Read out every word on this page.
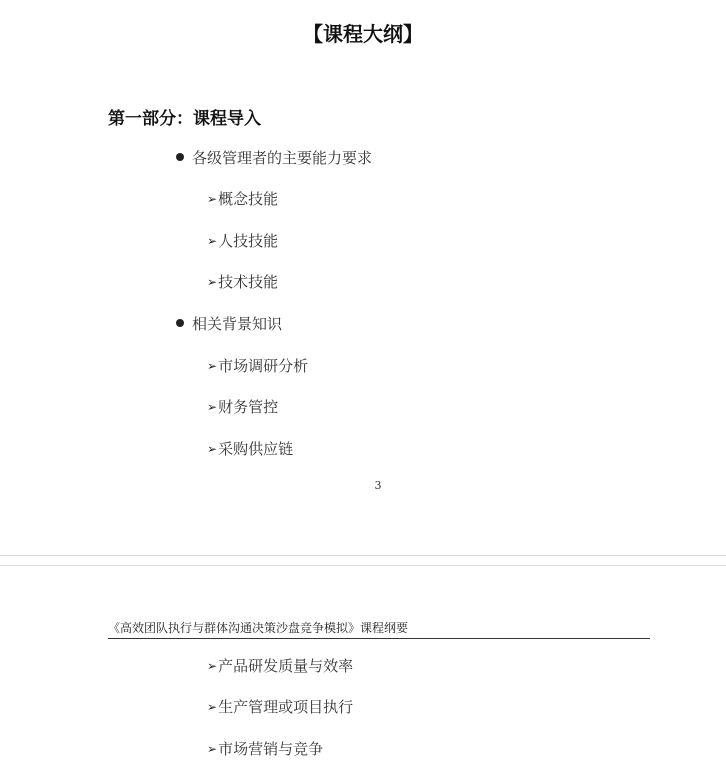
【课程大纲】
第一部分：课程导入
各级管理者的主要能力要求
➢概念技能
➢人技技能
➢技术技能
相关背景知识
➢市场调研分析
➢财务管控
➢采购供应链
3
《高效团队执行与群体沟通决策沙盘竞争模拟》课程纲要
➢产品研发质量与效率
➢生产管理或项目执行
➢市场营销与竞争
